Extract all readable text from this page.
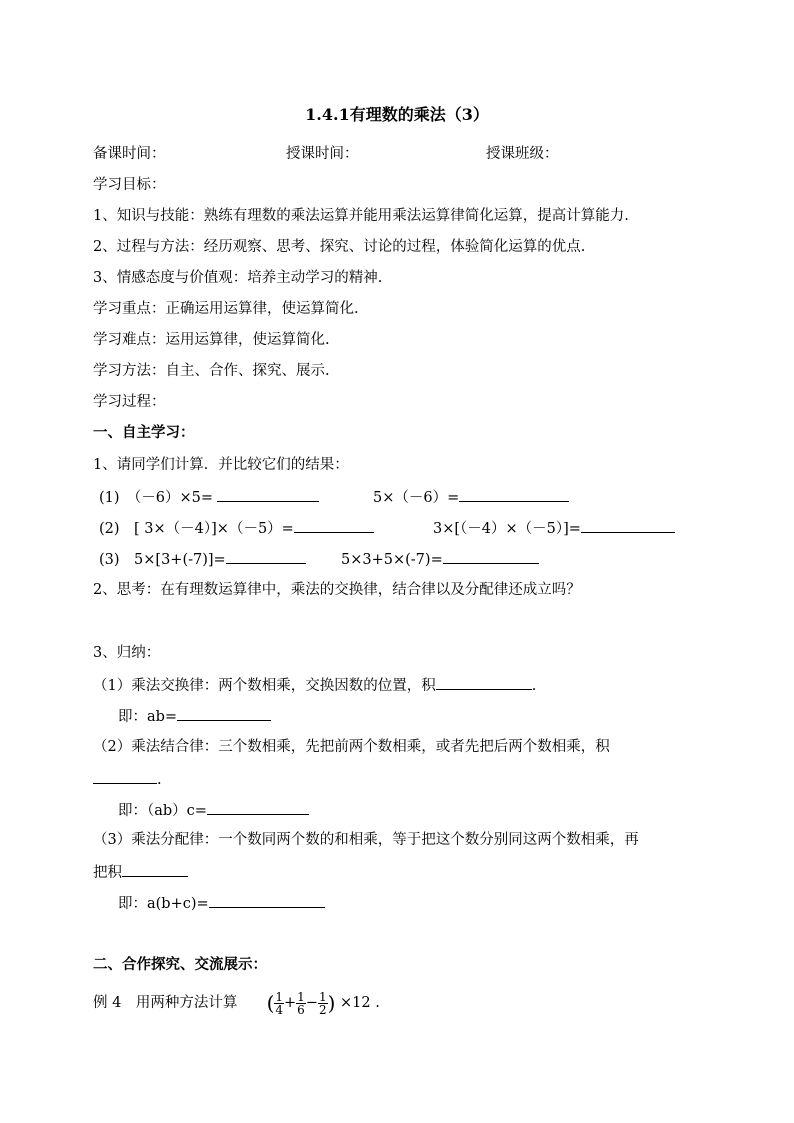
1.4.1有理数的乘法（3）
备课时间：	授课时间：	授课班级：
学习目标：
1、知识与技能：熟练有理数的乘法运算并能用乘法运算律简化运算，提高计算能力.
2、过程与方法：经历观察、思考、探究、讨论的过程，体验简化运算的优点.
3、情感态度与价值观：培养主动学习的精神.
学习重点：正确运用运算律，使运算简化.
学习难点：运用运算律，使运算简化.
学习方法：自主、合作、探究、展示.
学习过程：
一、自主学习：
1、请同学们计算．并比较它们的结果：
(1)　（－6）×5=	5×（－6）=
(2)　[ 3×（－4）]×（－5）=	3×[（－4）×（－5）]=
(3)　5×[3+(-7)]=	5×3+5×(-7)=
2、思考：在有理数运算律中，乘法的交换律，结合律以及分配律还成立吗？
3、归纳：
（1）乘法交换律：两个数相乘，交换因数的位置，积	.
即：ab=
（2）乘法结合律：三个数相乘，先把前两个数相乘，或者先把后两个数相乘，积
.
即：（ab）c=
（3）乘法分配律：一个数同两个数的和相乘，等于把这个数分别同这两个数相乘，再
把积
即：a(b+c)=
二、合作探究、交流展示：
例 4　用两种方法计算 ( $\frac{1}{4} + \frac{1}{6} - \frac{1}{2}$ ) ×12 .
